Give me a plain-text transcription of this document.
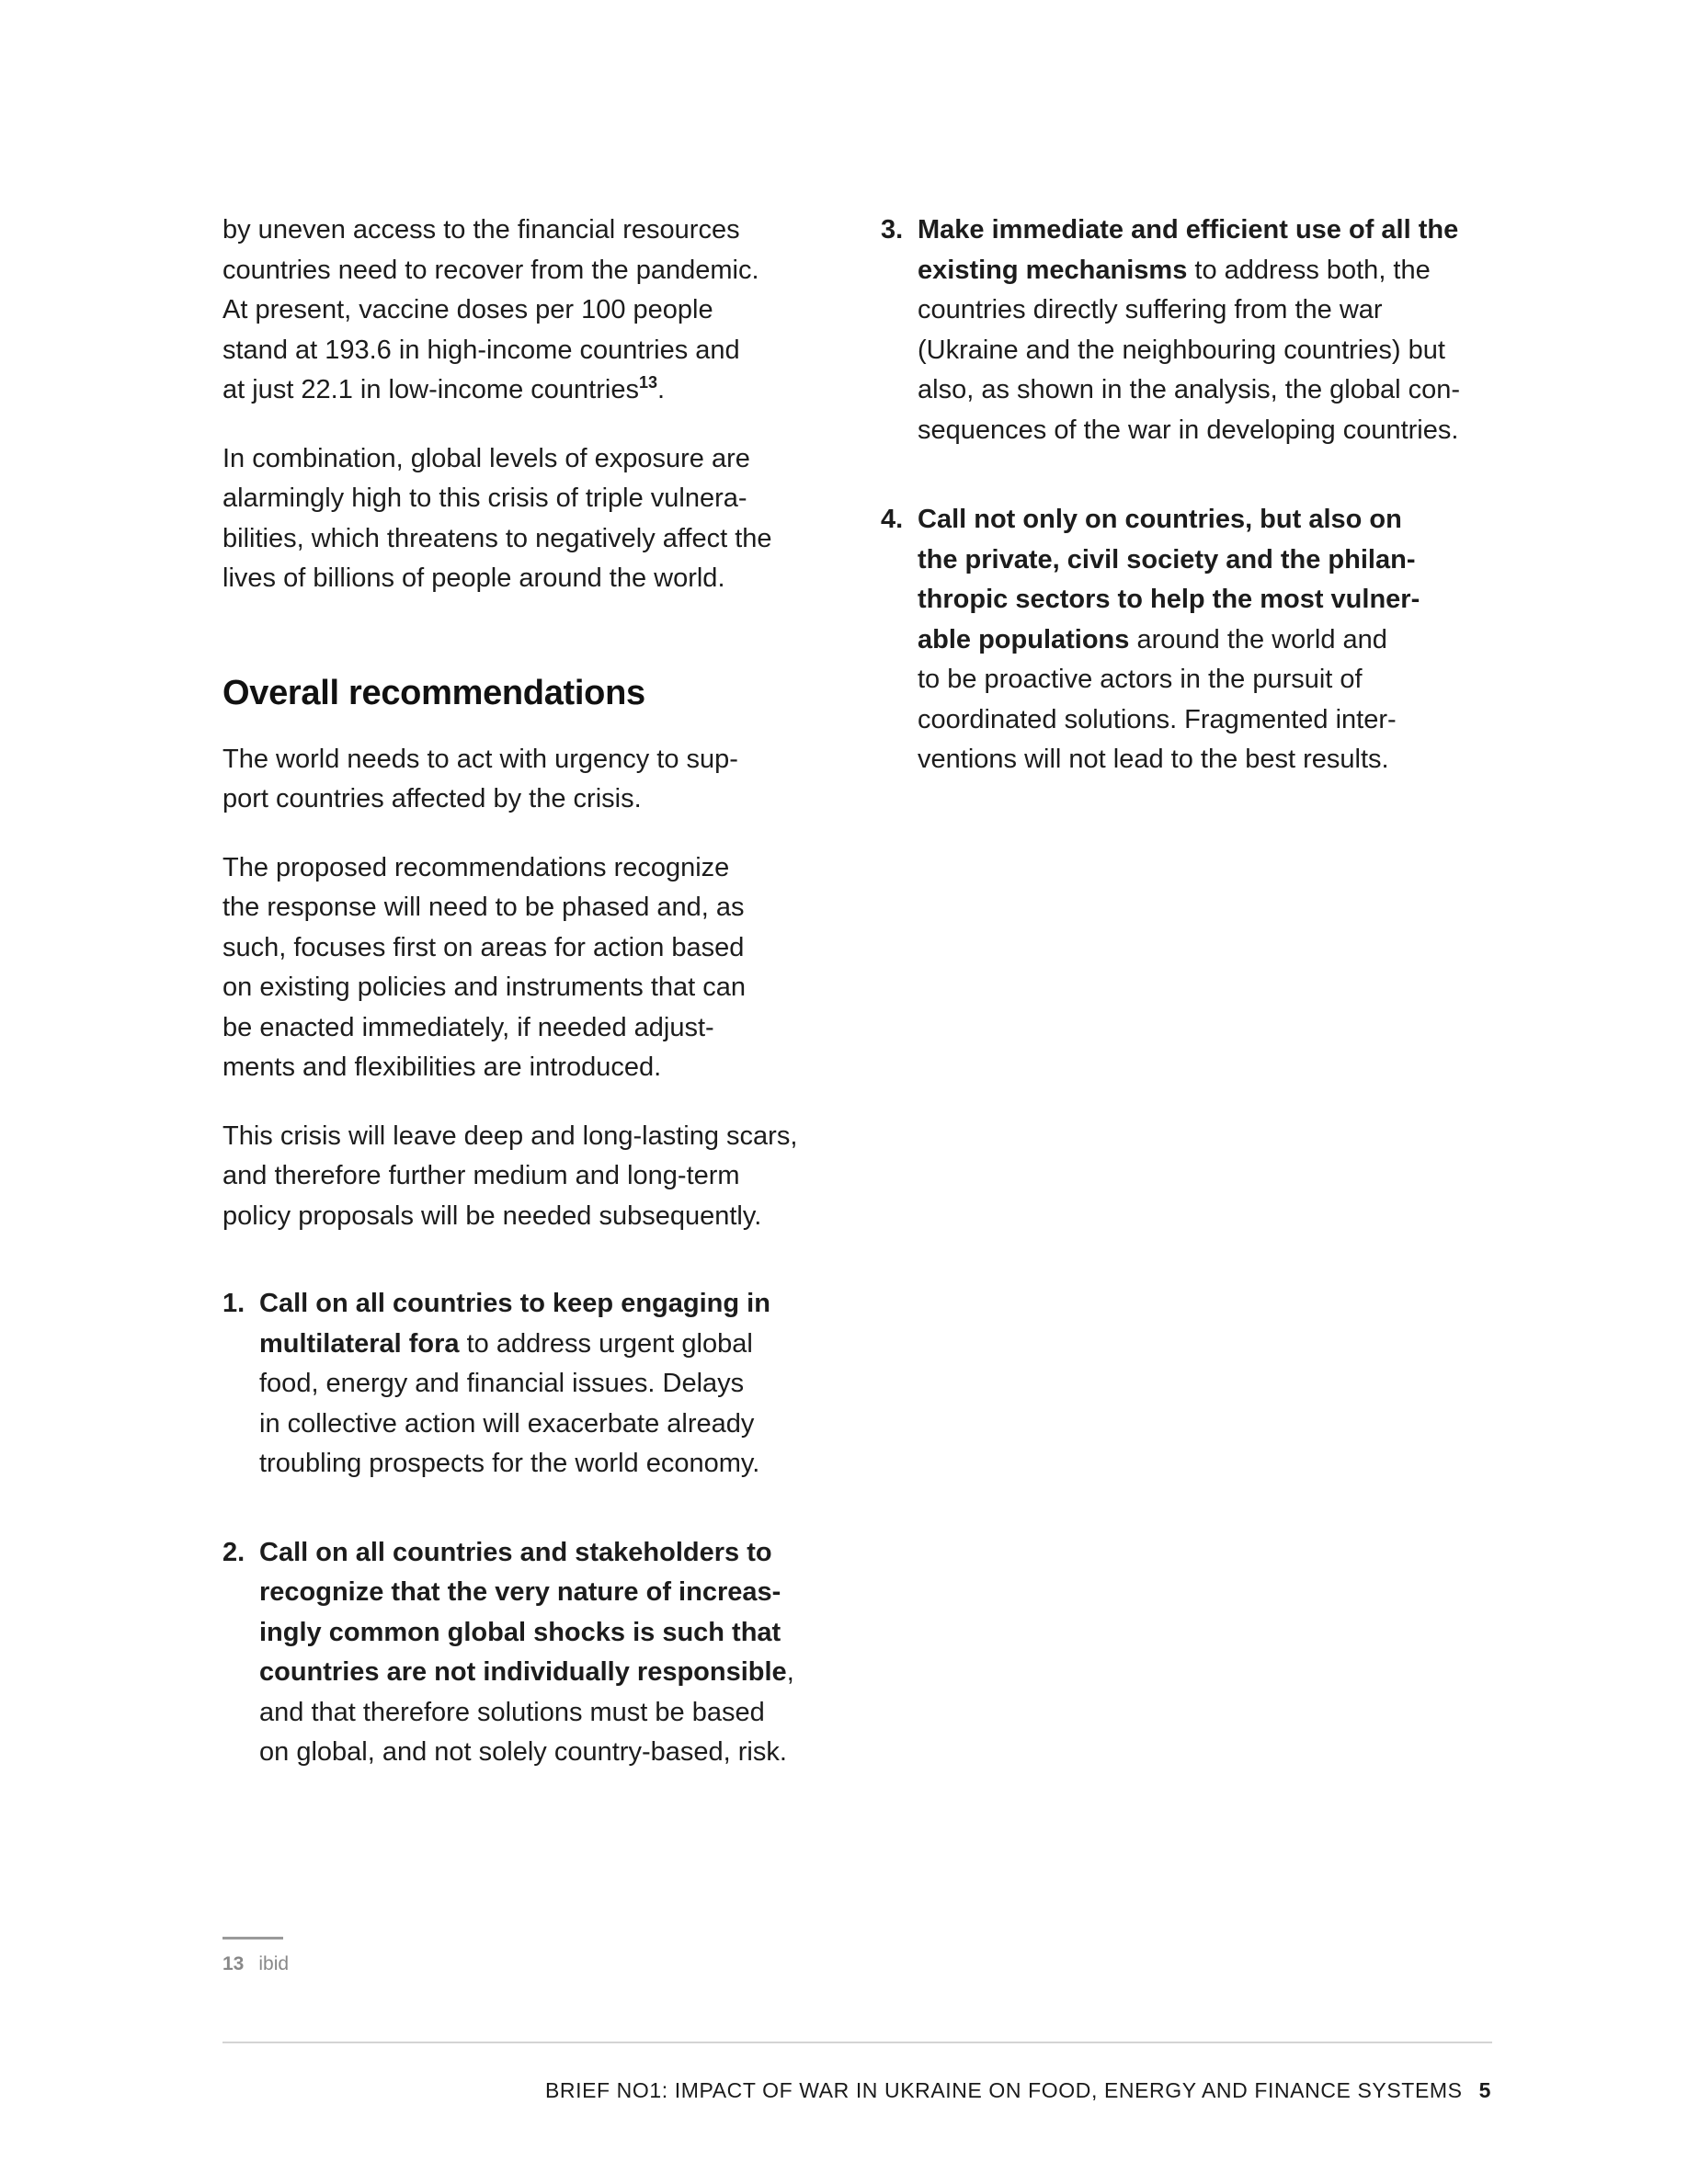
by uneven access to the financial resources
countries need to recover from the pandemic.
At present, vaccine doses per 100 people
stand at 193.6 in high-income countries and
at just 22.1 in low-income countries$^{13}$.

In combination, global levels of exposure are
alarmingly high to this crisis of triple vulnera-
bilities, which threatens to negatively affect the
lives of billions of people around the world.

Overall recommendations

The world needs to act with urgency to sup-
port countries affected by the crisis.

The proposed recommendations recognize
the response will need to be phased and, as
such, focuses first on areas for action based
on existing policies and instruments that can
be enacted immediately, if needed adjust-
ments and flexibilities are introduced.

This crisis will leave deep and long-lasting scars,
and therefore further medium and long-term
policy proposals will be needed subsequently.

1. Call on all countries to keep engaging in
multilateral fora to address urgent global
food, energy and financial issues. Delays
in collective action will exacerbate already
troubling prospects for the world economy.
2. Call on all countries and stakeholders to
recognize that the very nature of increas-
ingly common global shocks is such that
countries are not individually responsible,
and that therefore solutions must be based
on global, and not solely country-based, risk.
3. Make immediate and efficient use of all the
existing mechanisms to address both, the
countries directly suffering from the war
(Ukraine and the neighbouring countries) but
also, as shown in the analysis, the global con-
sequences of the war in developing countries.
4. Call not only on countries, but also on
the private, civil society and the philan-
thropic sectors to help the most vulner-
able populations around the world and
to be proactive actors in the pursuit of
coordinated solutions. Fragmented inter-
ventions will not lead to the best results.
13 ibid
BRIEF NO1: IMPACT OF WAR IN UKRAINE ON FOOD, ENERGY AND FINANCE SYSTEMS 5
